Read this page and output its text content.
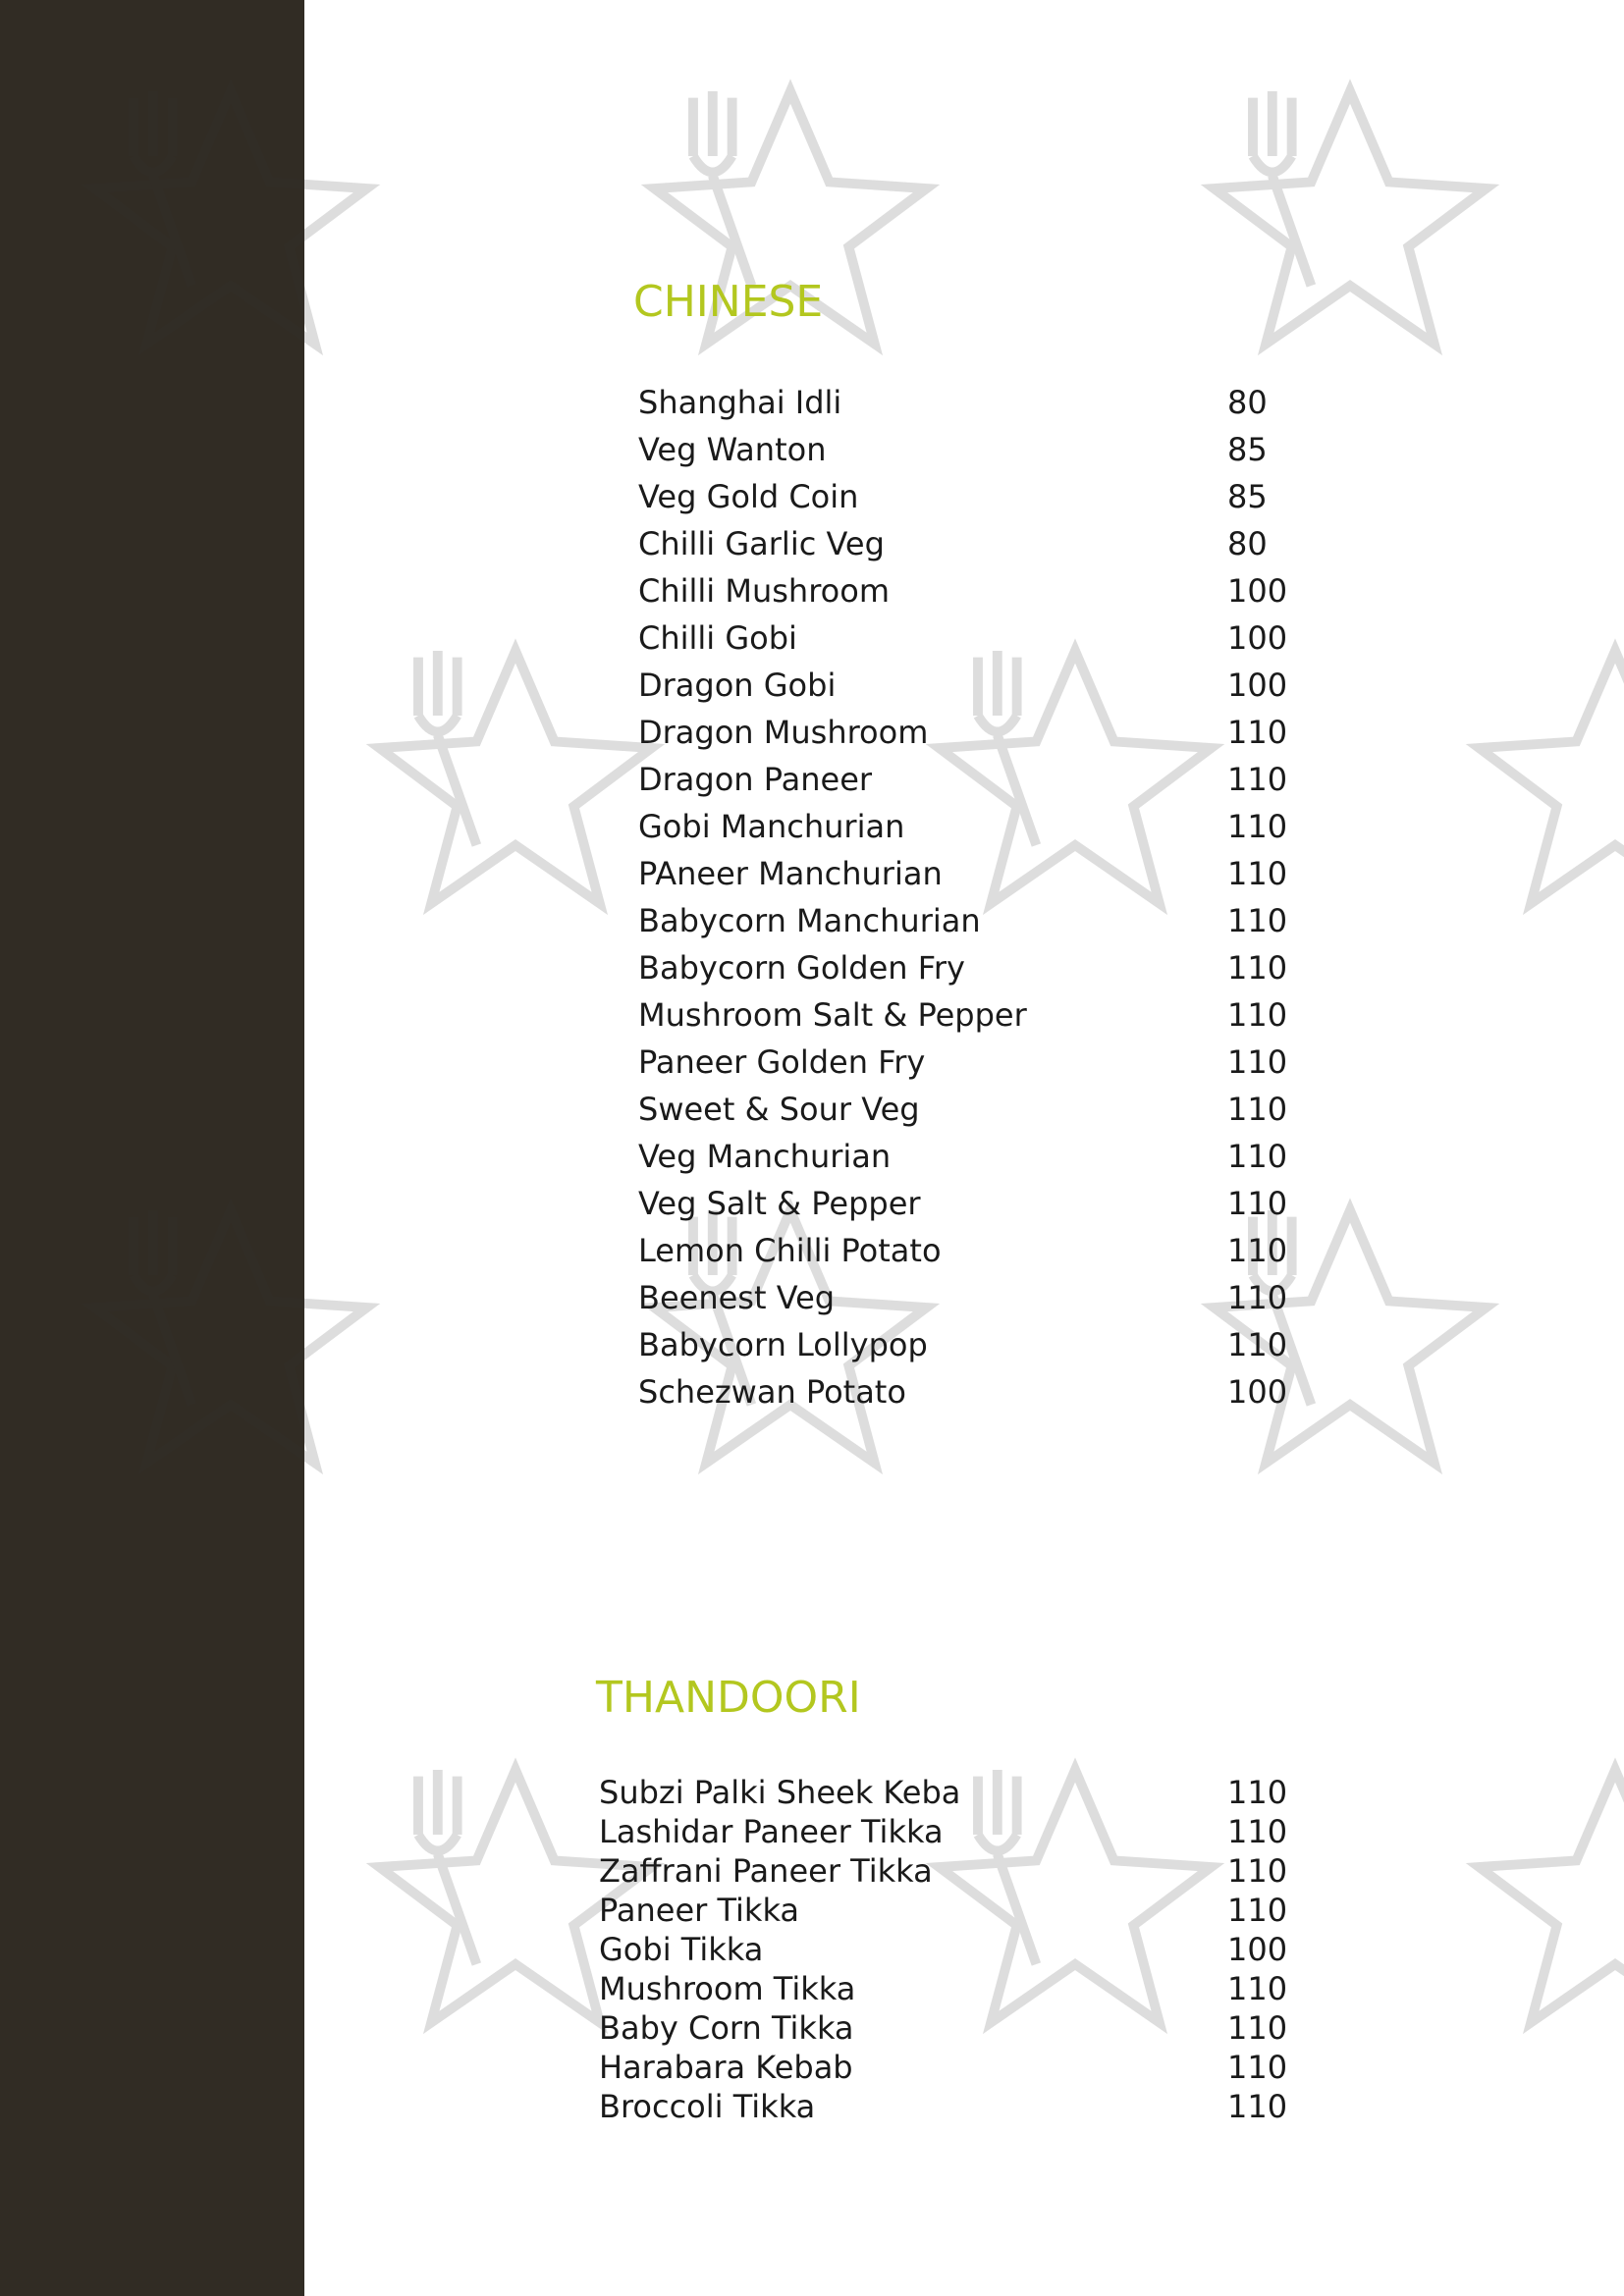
CHINESE
Shanghai Idli	80
Veg Wanton	85
Veg Gold Coin	85
Chilli Garlic Veg	80
Chilli Mushroom	100
Chilli Gobi	100
Dragon Gobi	100
Dragon Mushroom	110
Dragon Paneer	110
Gobi Manchurian	110
PAneer Manchurian	110
Babycorn Manchurian	110
Babycorn Golden Fry	110
Mushroom Salt & Pepper	110
Paneer Golden Fry	110
Sweet & Sour Veg	110
Veg Manchurian	110
Veg Salt & Pepper	110
Lemon Chilli Potato	110
Beenest Veg	110
Babycorn Lollypop	110
Schezwan Potato	100
THANDOORI
Subzi Palki Sheek Keba	110
Lashidar Paneer Tikka	110
Zaffrani Paneer Tikka	110
Paneer Tikka	110
Gobi Tikka	100
Mushroom Tikka	110
Baby Corn Tikka	110
Harabara Kebab	110
Broccoli Tikka	110
